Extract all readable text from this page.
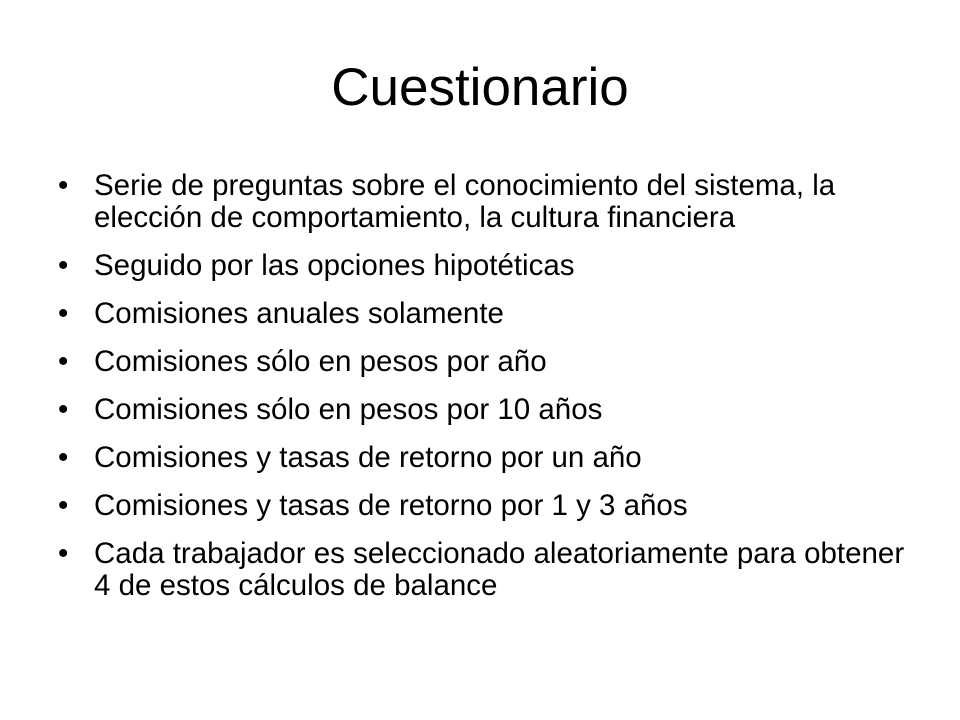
Cuestionario
• Serie de preguntas sobre el conocimiento del sistema, la elección de comportamiento, la cultura financiera
• Seguido por las opciones hipotéticas
• Comisiones anuales solamente
• Comisiones sólo en pesos por año
• Comisiones sólo en pesos por 10 años
• Comisiones y tasas de retorno por un año
• Comisiones y tasas de retorno por 1 y 3 años
• Cada trabajador es seleccionado aleatoriamente para obtener 4 de estos cálculos de balance
